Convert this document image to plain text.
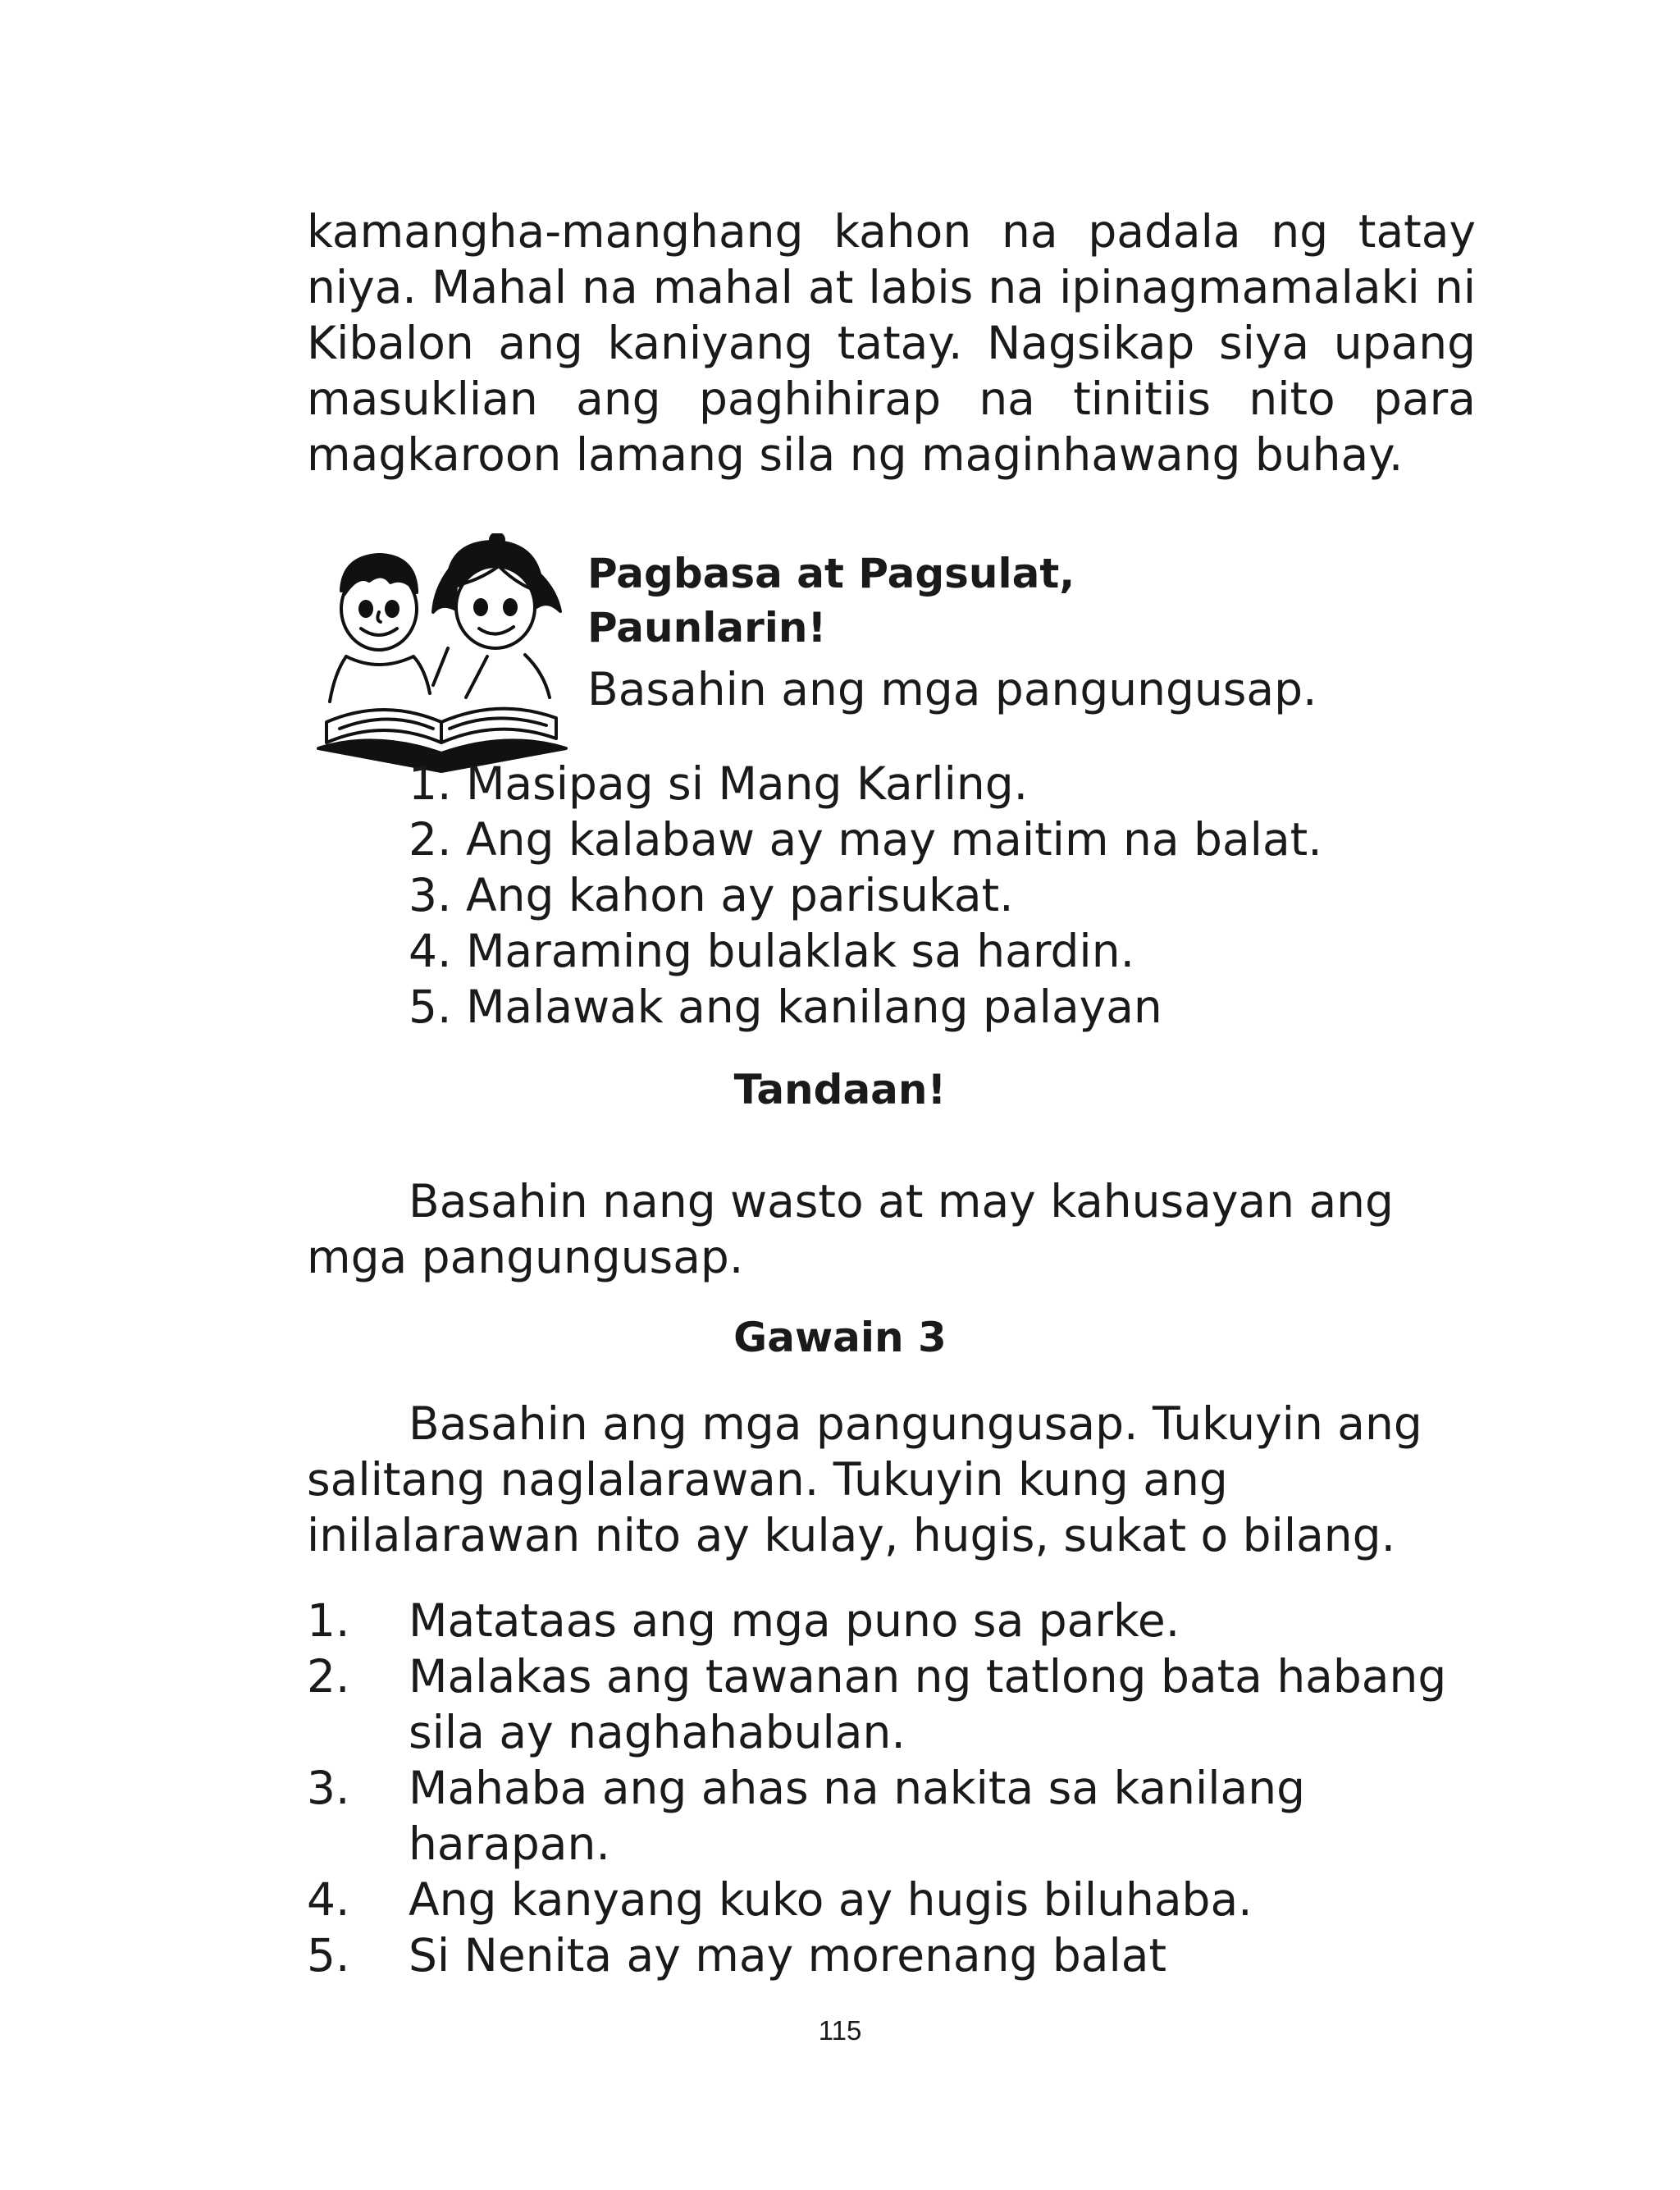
kamangha-manghang kahon na padala ng tatay niya. Mahal na mahal at labis na ipinagmamalaki ni Kibalon ang kaniyang tatay. Nagsikap siya upang masuklian ang paghihirap na tinitiis nito para magkaroon lamang sila ng maginhawang buhay.

Pagbasa at Pagsulat,
Paunlarin!

Basahin ang mga pangungusap.

1. Masipag si Mang Karling.
2. Ang kalabaw ay may maitim na balat.
3. Ang kahon ay parisukat.
4. Maraming bulaklak sa hardin.
5. Malawak ang kanilang palayan
Tandaan!

Basahin nang wasto at may kahusayan ang mga pangungusap.

Gawain 3

Basahin ang mga pangungusap. Tukuyin ang salitang naglalarawan. Tukuyin kung ang inilalarawan nito ay kulay, hugis, sukat o bilang.

1.	Matataas ang mga puno sa parke.
2.	Malakas ang tawanan ng tatlong bata habang sila ay naghahabulan.
3.	Mahaba ang ahas na nakita sa kanilang harapan.
4.	Ang kanyang kuko ay hugis biluhaba.
5.	Si Nenita ay may morenang balat

115
